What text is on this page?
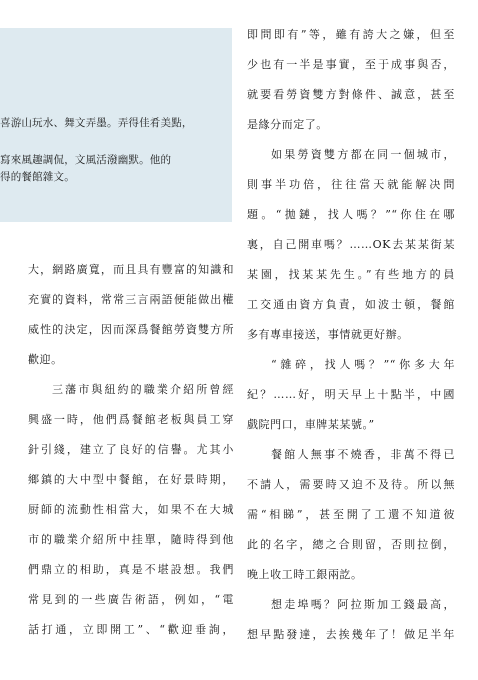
喜游山玩水、舞文弄墨。弄得佳肴美點，
寫來風趣調侃，文風活潑幽默。他的
得的餐館雜文。
大，網路廣寬，而且具有豐富的知識和
充實的資料，常常三言兩語便能做出權
威性的決定，因而深爲餐館勞資雙方所
歡迎。
三藩市與紐約的職業介紹所曾經
興盛一時，他們爲餐館老板與員工穿
針引綫，建立了良好的信譽。尤其小
鄉鎮的大中型中餐館，在好景時期，
厨師的流動性相當大，如果不在大城
市的職業介紹所中挂單，隨時得到他
們鼎立的相助，真是不堪設想。我們
常見到的一些廣告術語，例如，“電
話打通，立即開工”、“歡迎垂詢，
即問即有”等，雖有誇大之嫌，但至
少也有一半是事實，至于成事與否，
就要看勞資雙方對條件、誠意，甚至
是緣分而定了。
如果勞資雙方都在同一個城市，
則事半功倍，往往當天就能解决問
題。“拋鏈，找人嗎？”“你住在哪
裏，自己開車嗎？……OK去某某街某
某園，找某某先生。”有些地方的員
工交通由資方負責，如波士頓，餐館
多有專車接送，事情就更好辦。
“雜碎，找人嗎？”“你多大年
紀？……好，明天早上十點半，中國
戲院門口，車牌某某號。”
餐館人無事不燒香，非萬不得已
不請人，需要時又迫不及待。所以無
需“相睇”，甚至開了工還不知道彼
此的名字，總之合則留，否則拉倒，
晚上收工時工銀兩訖。
想走埠嗎？阿拉斯加工錢最高，
想早點發達，去挨幾年了！做足半年
